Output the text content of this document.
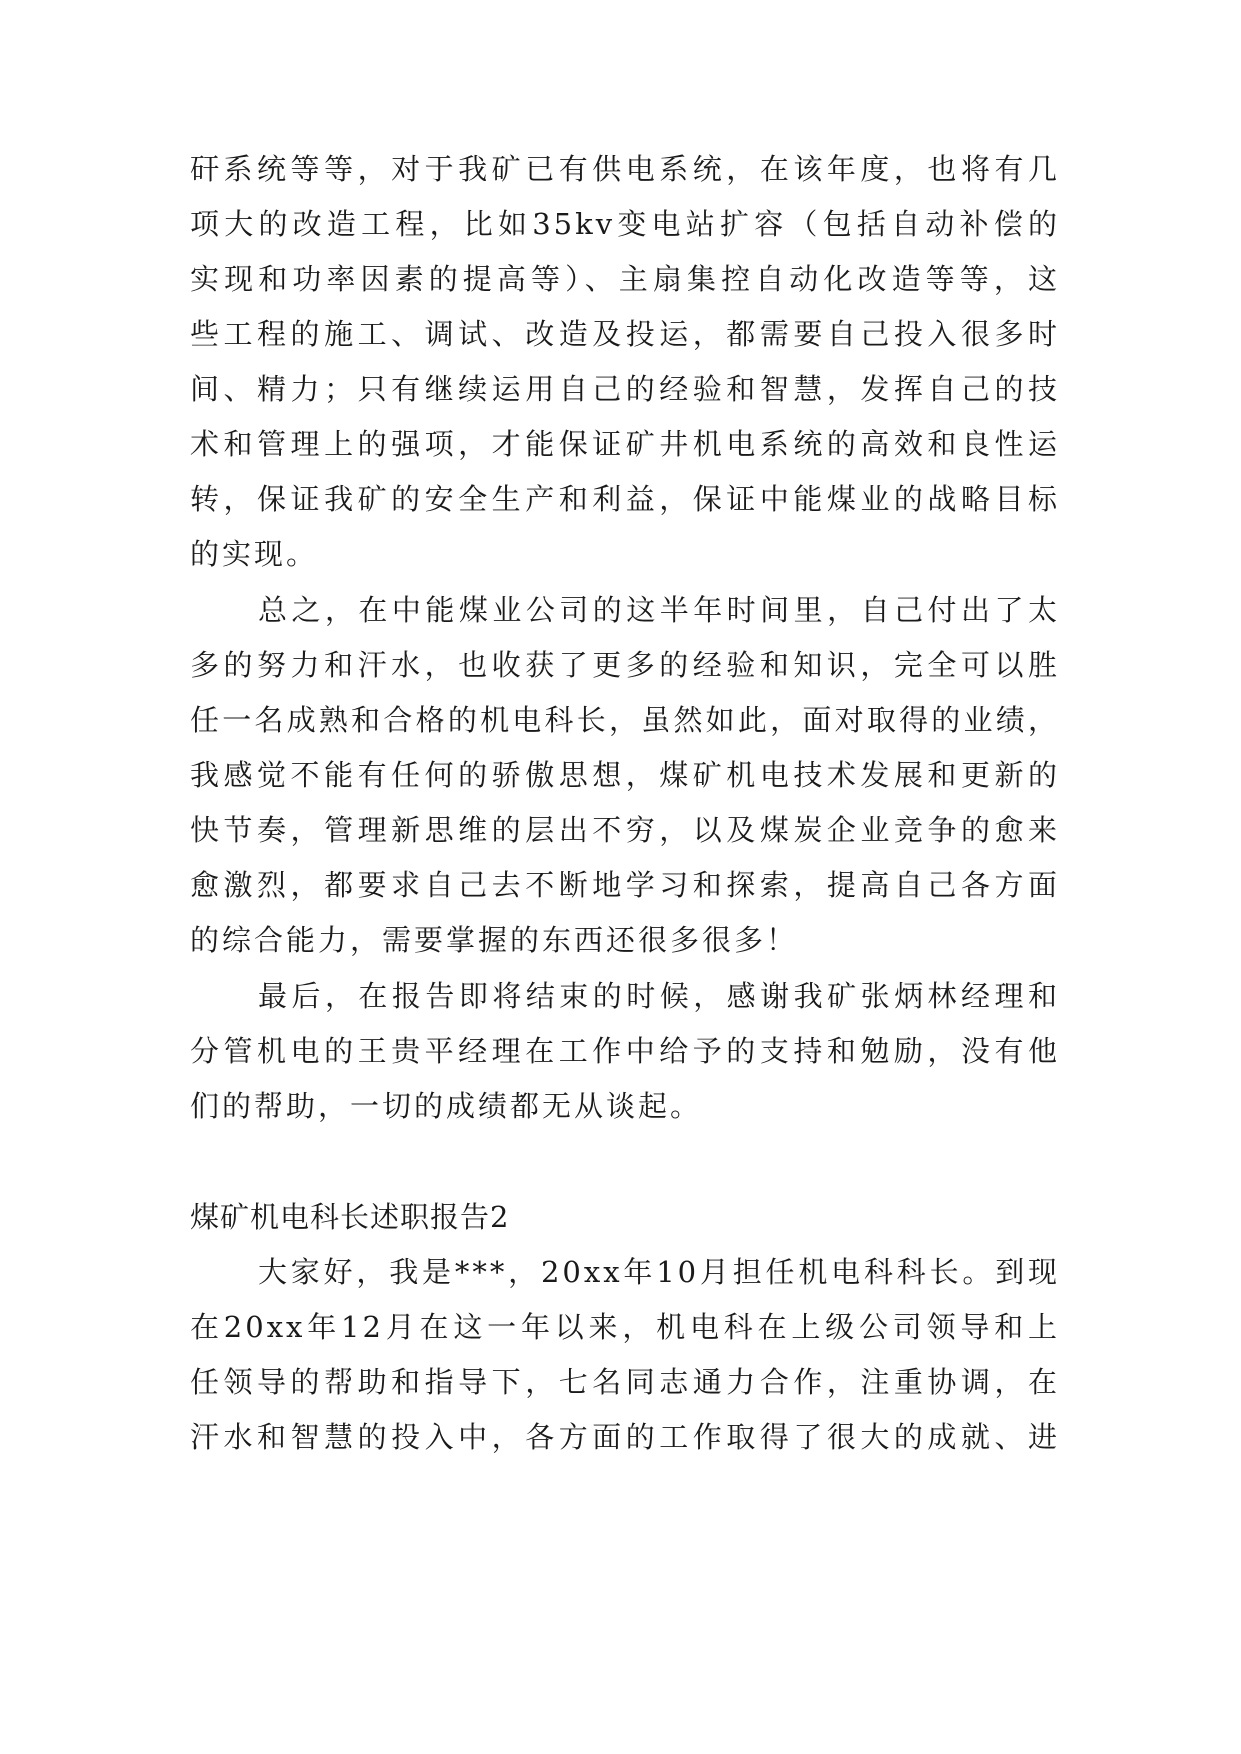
矸系统等等，对于我矿已有供电系统，在该年度，也将有几
项大的改造工程，比如35kv变电站扩容（包括自动补偿的
实现和功率因素的提高等）、主扇集控自动化改造等等，这
些工程的施工、调试、改造及投运，都需要自己投入很多时
间、精力；只有继续运用自己的经验和智慧，发挥自己的技
术和管理上的强项，才能保证矿井机电系统的高效和良性运
转，保证我矿的安全生产和利益，保证中能煤业的战略目标
的实现。
总之，在中能煤业公司的这半年时间里，自己付出了太
多的努力和汗水，也收获了更多的经验和知识，完全可以胜
任一名成熟和合格的机电科长，虽然如此，面对取得的业绩，
我感觉不能有任何的骄傲思想，煤矿机电技术发展和更新的
快节奏，管理新思维的层出不穷，以及煤炭企业竞争的愈来
愈激烈，都要求自己去不断地学习和探索，提高自己各方面
的综合能力，需要掌握的东西还很多很多！
最后，在报告即将结束的时候，感谢我矿张炳林经理和
分管机电的王贵平经理在工作中给予的支持和勉励，没有他
们的帮助，一切的成绩都无从谈起。
煤矿机电科长述职报告2
大家好，我是***，20xx年10月担任机电科科长。到现
在20xx年12月在这一年以来，机电科在上级公司领导和上
任领导的帮助和指导下，七名同志通力合作，注重协调，在
汗水和智慧的投入中，各方面的工作取得了很大的成就、进
